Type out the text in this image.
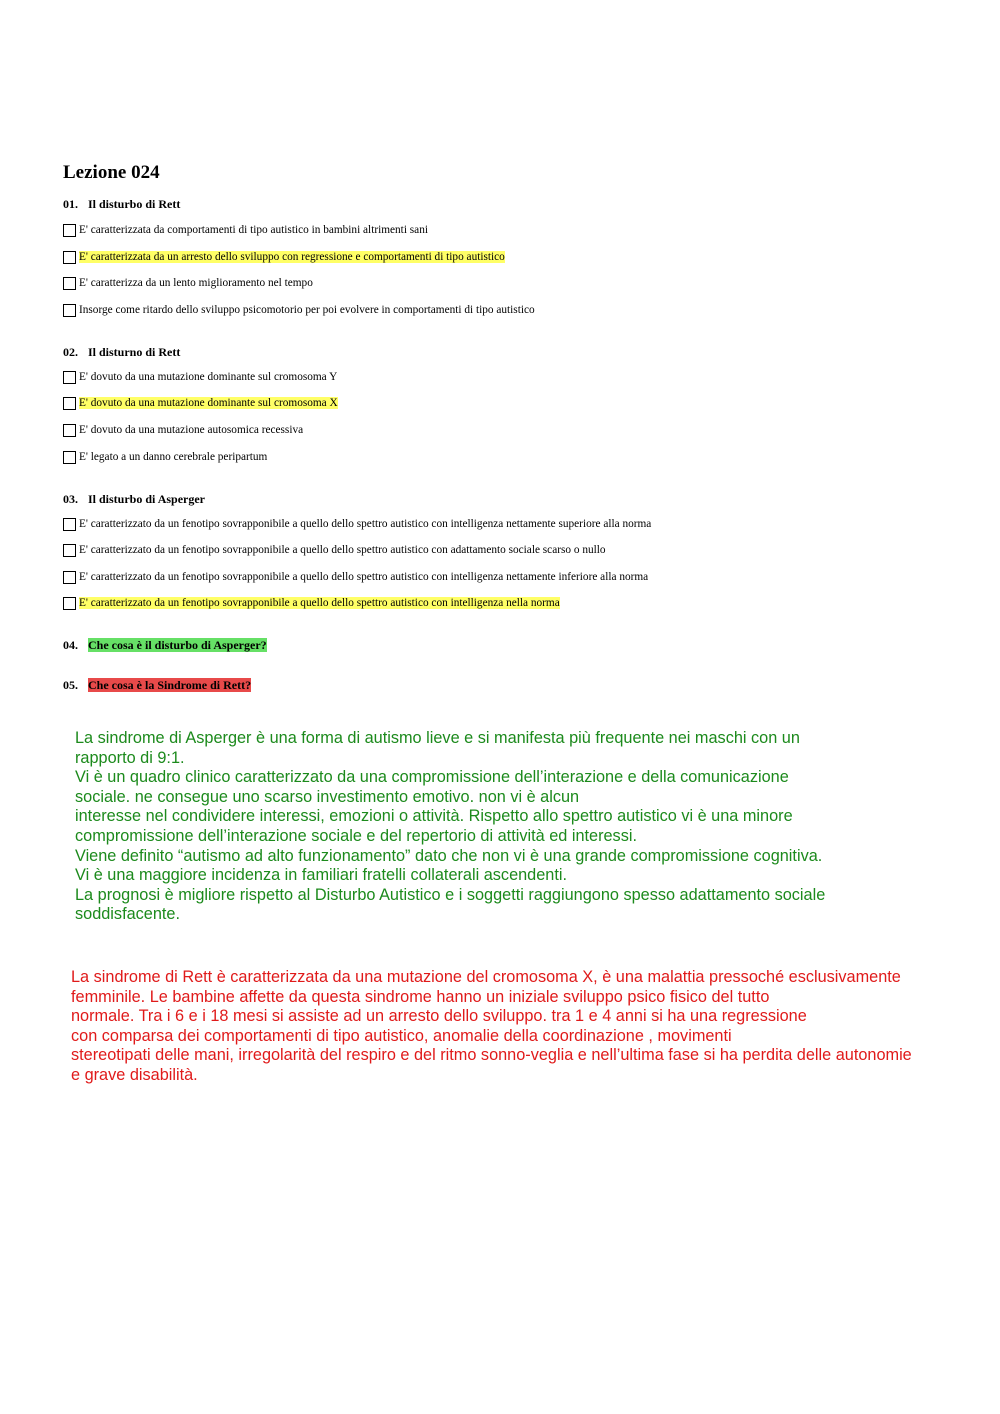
Lezione 024
01. Il disturbo di Rett
E' caratterizzata da comportamenti di tipo autistico in bambini altrimenti sani
E' caratterizzata da un arresto dello sviluppo con regressione e comportamenti di tipo autistico
E' caratterizza da un lento miglioramento nel tempo
Insorge come ritardo dello sviluppo psicomotorio per poi evolvere in comportamenti di tipo autistico
02. Il disturno di Rett
E' dovuto da una mutazione dominante sul cromosoma Y
E' dovuto da una mutazione dominante sul cromosoma X
E' dovuto da una mutazione autosomica recessiva
E' legato a un danno cerebrale peripartum
03. Il disturbo di Asperger
E' caratterizzato da un fenotipo sovrapponibile a quello dello spettro autistico con intelligenza nettamente superiore alla norma
E' caratterizzato da un fenotipo sovrapponibile a quello dello spettro autistico con adattamento sociale scarso o nullo
E' caratterizzato da un fenotipo sovrapponibile a quello dello spettro autistico con intelligenza nettamente inferiore alla norma
E' caratterizzato da un fenotipo sovrapponibile a quello dello spettro autistico con intelligenza nella norma
04. Che cosa è il disturbo di Asperger?
05. Che cosa è la Sindrome di Rett?
La sindrome di Asperger è una forma di autismo lieve e si manifesta più frequente nei maschi con un
rapporto di 9:1.
Vi è un quadro clinico caratterizzato da una compromissione dell’interazione e della comunicazione
sociale. ne consegue uno scarso investimento emotivo. non vi è alcun
interesse nel condividere interessi, emozioni o attività. Rispetto allo spettro autistico vi è una minore
compromissione dell’interazione sociale e del repertorio di attività ed interessi.
Viene definito “autismo ad alto funzionamento” dato che non vi è una grande compromissione cognitiva.
Vi è una maggiore incidenza in familiari fratelli collaterali ascendenti.
La prognosi è migliore rispetto al Disturbo Autistico e i soggetti raggiungono spesso adattamento sociale
soddisfacente.
La sindrome di Rett è caratterizzata da una mutazione del cromosoma X, è una malattia pressoché esclusivamente
femminile. Le bambine affette da questa sindrome hanno un iniziale sviluppo psico fisico del tutto
normale. Tra i 6 e i 18 mesi si assiste ad un arresto dello sviluppo. tra 1 e 4 anni si ha una regressione
con comparsa dei comportamenti di tipo autistico, anomalie della coordinazione , movimenti
stereotipati delle mani, irregolarità del respiro e del ritmo sonno-veglia e nell’ultima fase si ha perdita delle autonomie
e grave disabilità.
